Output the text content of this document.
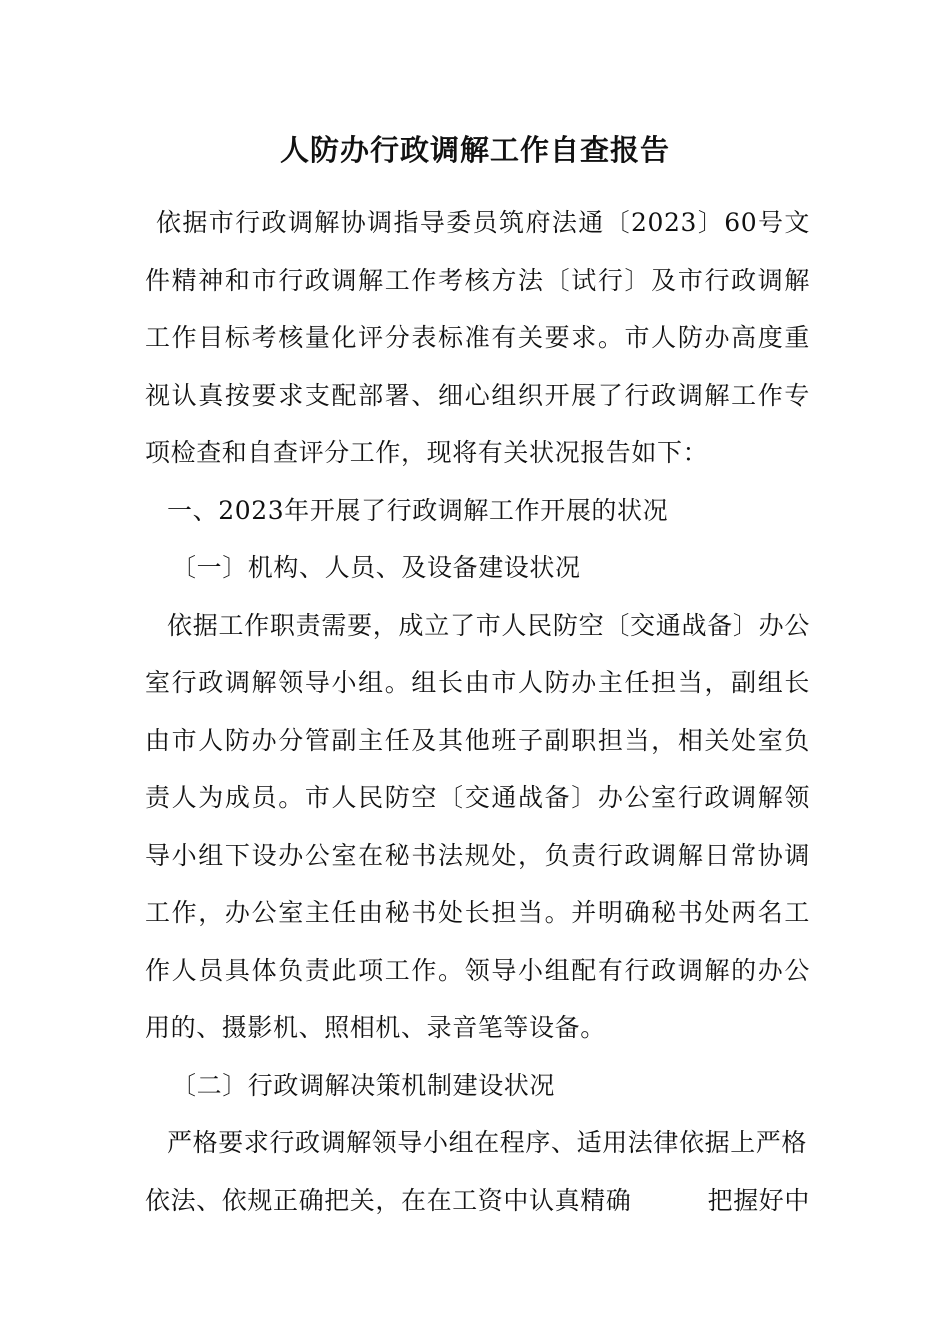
人防办行政调解工作自查报告

依据市行政调解协调指导委员筑府法通〔2023〕60号文件精神和市行政调解工作考核方法〔试行〕及市行政调解工作目标考核量化评分表标准有关要求。市人防办高度重视认真按要求支配部署、细心组织开展了行政调解工作专项检查和自查评分工作，现将有关状况报告如下：

一、2023年开展了行政调解工作开展的状况

〔一〕机构、人员、及设备建设状况

依据工作职责需要，成立了市人民防空〔交通战备〕办公室行政调解领导小组。组长由市人防办主任担当，副组长由市人防办分管副主任及其他班子副职担当，相关处室负责人为成员。市人民防空〔交通战备〕办公室行政调解领导小组下设办公室在秘书法规处，负责行政调解日常协调工作，办公室主任由秘书处长担当。并明确秘书处两名工作人员具体负责此项工作。领导小组配有行政调解的办公用的、摄影机、照相机、录音笔等设备。

〔二〕行政调解决策机制建设状况

严格要求行政调解领导小组在程序、适用法律依据上严格

依法、依规正确把关，在在工资中认真精确	把握好中
